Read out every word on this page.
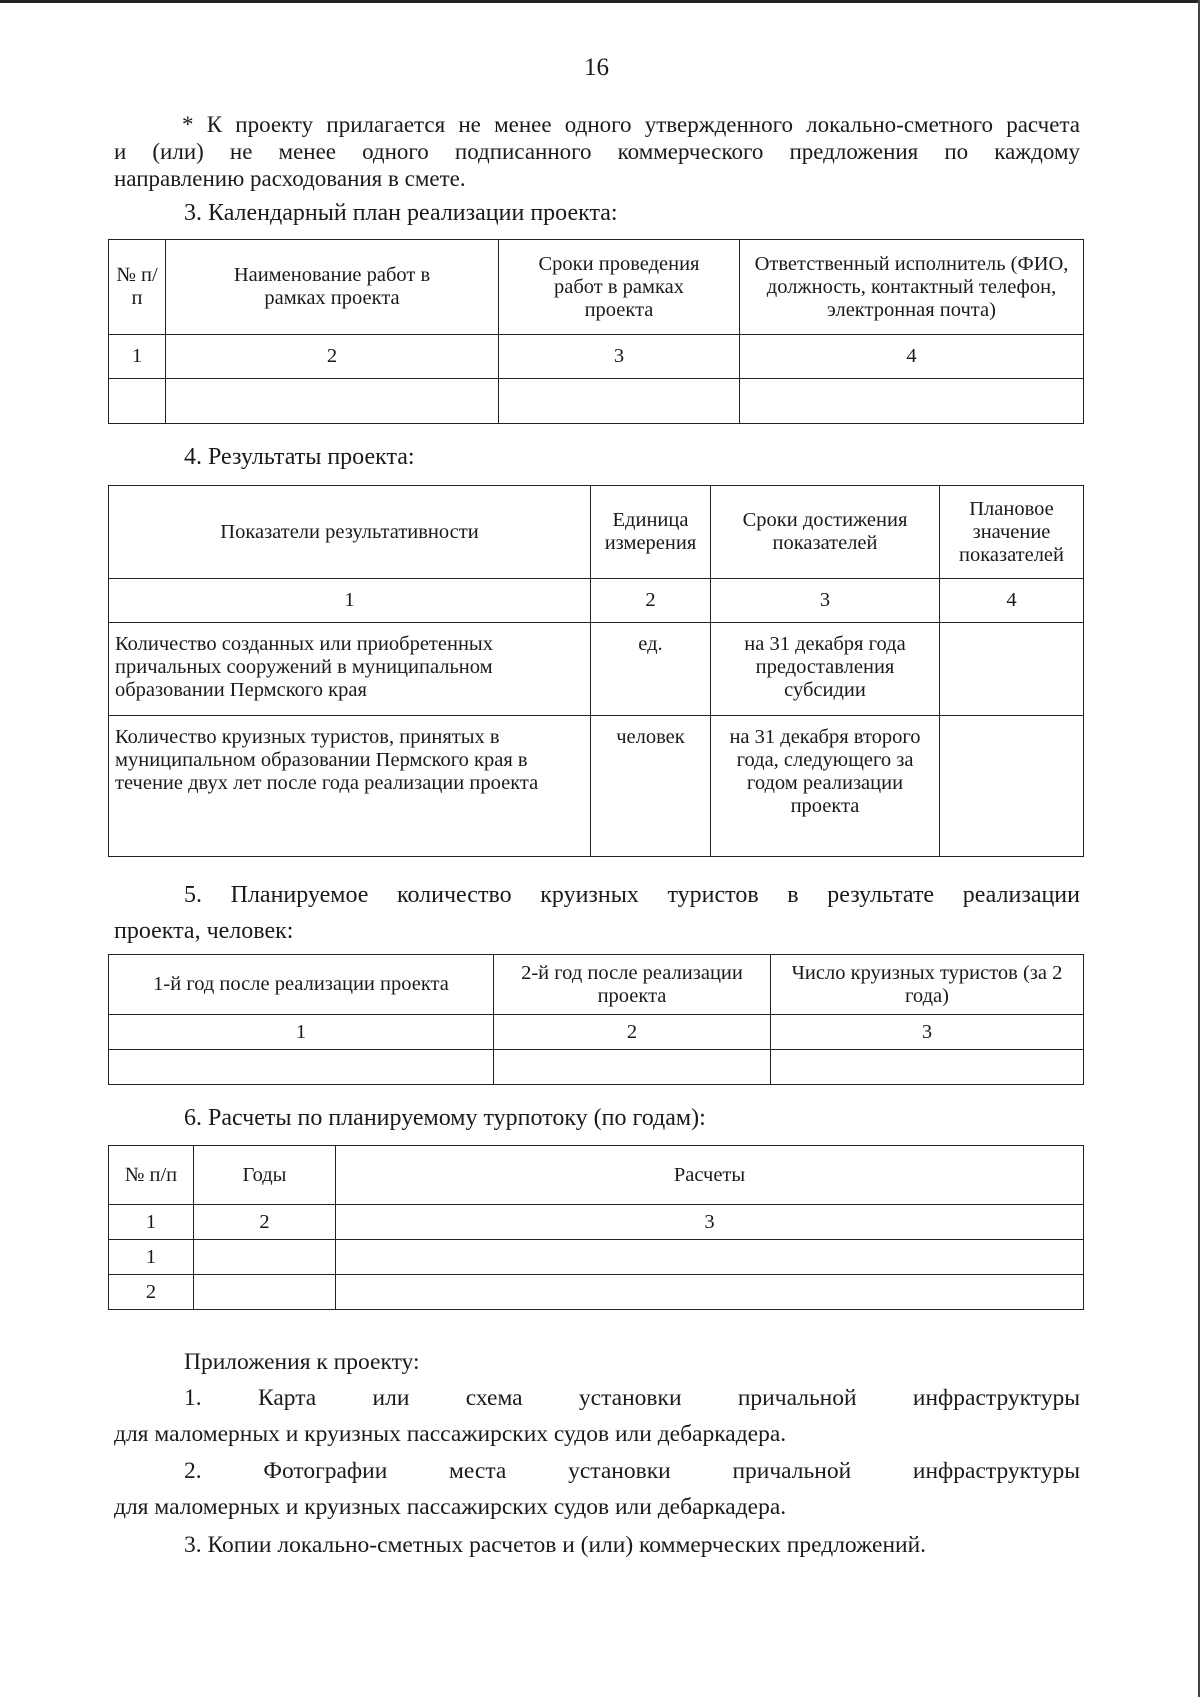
16
* К проекту прилагается не менее одного утвержденного локально-сметного расчета
и (или) не менее одного подписанного коммерческого предложения по каждому
направлению расходования в смете.
3. Календарный план реализации проекта:
№ п/п	Наименование работ в рамках проекта	Сроки проведения работ в рамках проекта	Ответственный исполнитель (ФИО, должность, контактный телефон, электронная почта)
1	2	3	4

4. Результаты проекта:
Показатели результативности	Единица измерения	Сроки достижения показателей	Плановое значение показателей
1	2	3	4
Количество созданных или приобретенных причальных сооружений в муниципальном образовании Пермского края	ед.	на 31 декабря года предоставления субсидии	
Количество круизных туристов, принятых в муниципальном образовании Пермского края в течение двух лет после года реализации проекта	человек	на 31 декабря второго года, следующего за годом реализации проекта	
5. Планируемое количество круизных туристов в результате реализации
проекта, человек:
1-й год после реализации проекта	2-й год после реализации проекта	Число круизных туристов (за 2 года)
1	2	3

6. Расчеты по планируемому турпотоку (по годам):
№ п/п	Годы	Расчеты
1	2	3
1		
2		
Приложения к проекту:
1. Карта или схема установки причальной инфраструктуры
для маломерных и круизных пассажирских судов или дебаркадера.
2. Фотографии места установки причальной инфраструктуры
для маломерных и круизных пассажирских судов или дебаркадера.
3. Копии локально-сметных расчетов и (или) коммерческих предложений.
